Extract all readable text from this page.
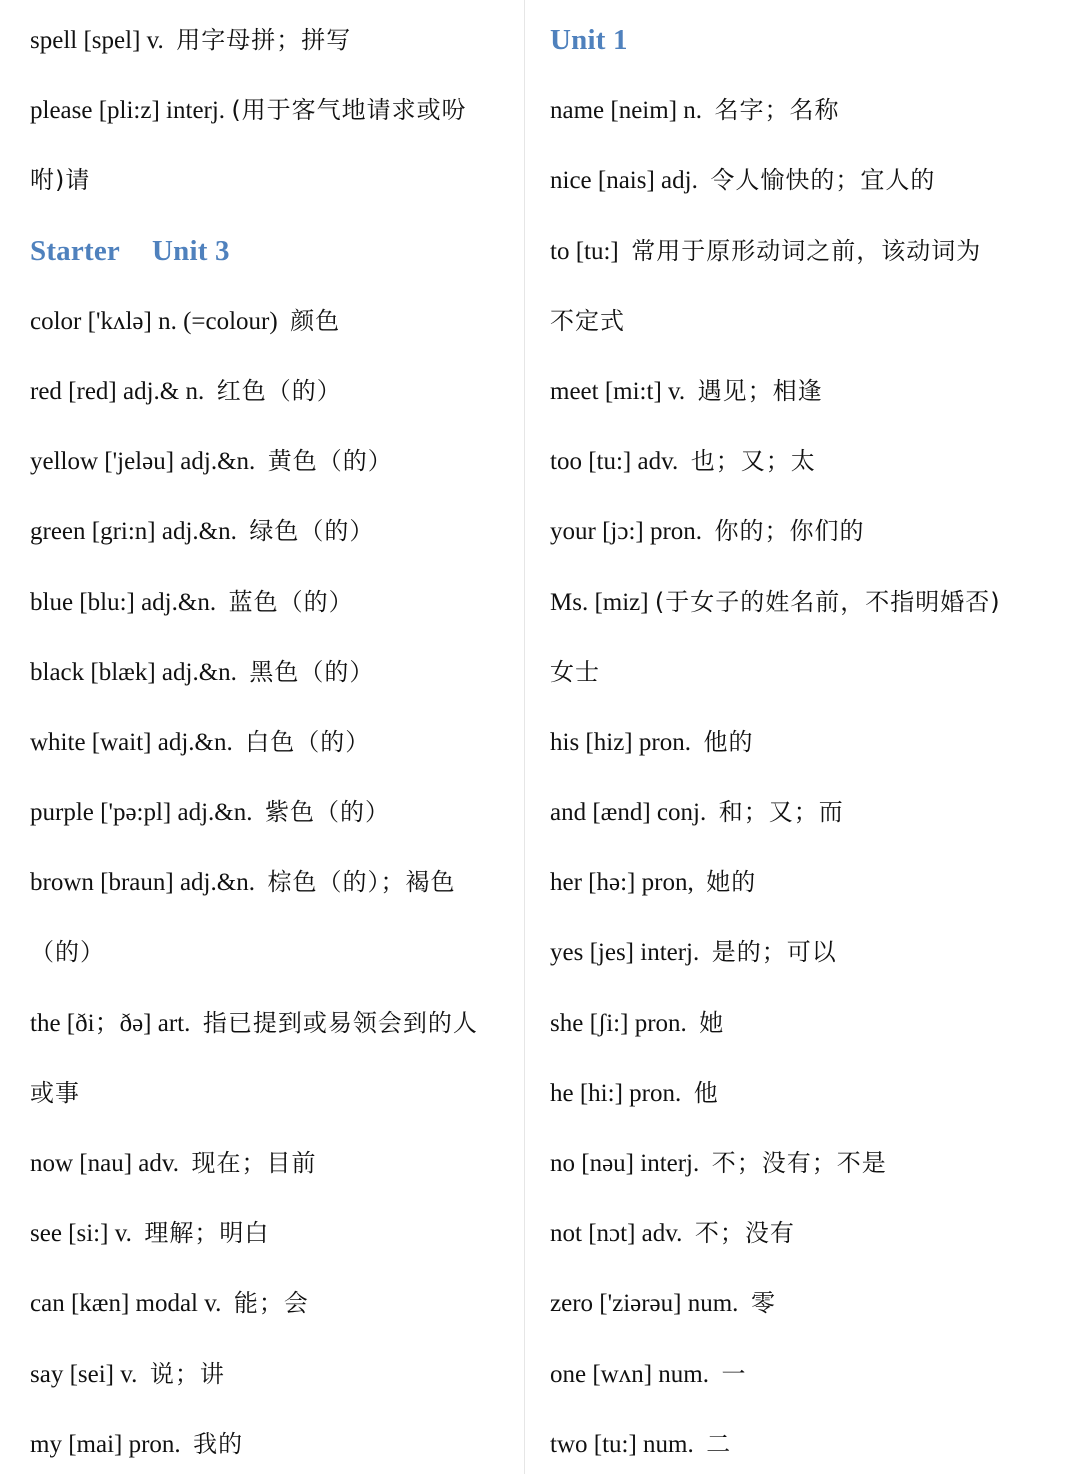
spell [spel] v. 用字母拼；拼写
please [pli:z] interj. (用于客气地请求或吩
咐)请
Starter Unit 3
color ['kʌlə] n. (=colour) 颜色
red [red] adj.& n. 红色（的）
yellow ['jeləu] adj.&n. 黄色（的）
green [gri:n] adj.&n. 绿色（的）
blue [blu:] adj.&n. 蓝色（的）
black [blæk] adj.&n. 黑色（的）
white [wait] adj.&n. 白色（的）
purple ['pə:pl] adj.&n. 紫色（的）
brown [braun] adj.&n. 棕色（的）；褐色
（的）
the [ði；ðə] art. 指已提到或易领会到的人
或事
now [nau] adv. 现在；目前
see [si:] v. 理解；明白
can [kæn] modal v. 能；会
say [sei] v. 说；讲
my [mai] pron. 我的
Unit 1
name [neim] n. 名字；名称
nice [nais] adj. 令人愉快的；宜人的
to [tu:] 常用于原形动词之前，该动词为
不定式
meet [mi:t] v. 遇见；相逢
too [tu:] adv. 也；又；太
your [jɔ:] pron. 你的；你们的
Ms. [miz] (于女子的姓名前，不指明婚否)
女士
his [hiz] pron. 他的
and [ænd] conj. 和；又；而
her [hə:] pron, 她的
yes [jes] interj. 是的；可以
she [ʃi:] pron. 她
he [hi:] pron. 他
no [nəu] interj. 不；没有；不是
not [nɔt] adv. 不；没有
zero ['ziərəu] num. 零
one [wʌn] num. 一
two [tu:] num. 二
